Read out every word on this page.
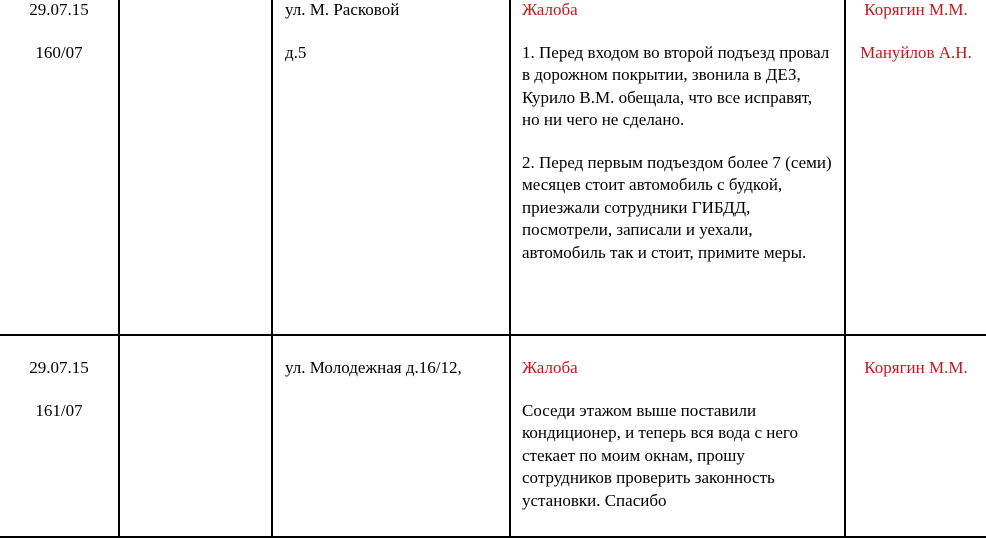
29.07.15

160/07

ул. М. Расковой

д.5

Жалоба

1. Перед входом во второй подъезд провал в дорожном покрытии, звонила в ДЕЗ, Курило В.М. обещала, что все исправят, но ни чего не сделано.

2. Перед первым подъездом более 7 (семи) месяцев стоит автомобиль с будкой, приезжали сотрудники ГИБДД, посмотрели, записали и уехали, автомобиль так и стоит, примите меры.

Корягин М.М.

Мануйлов А.Н.

29.07.15

161/07

ул. Молодежная д.16/12,	Жалоба

Соседи этажом выше поставили кондиционер, и теперь вся вода с него стекает по моим окнам, прошу сотрудников проверить законность установки. Спасибо

Корягин М.М.
